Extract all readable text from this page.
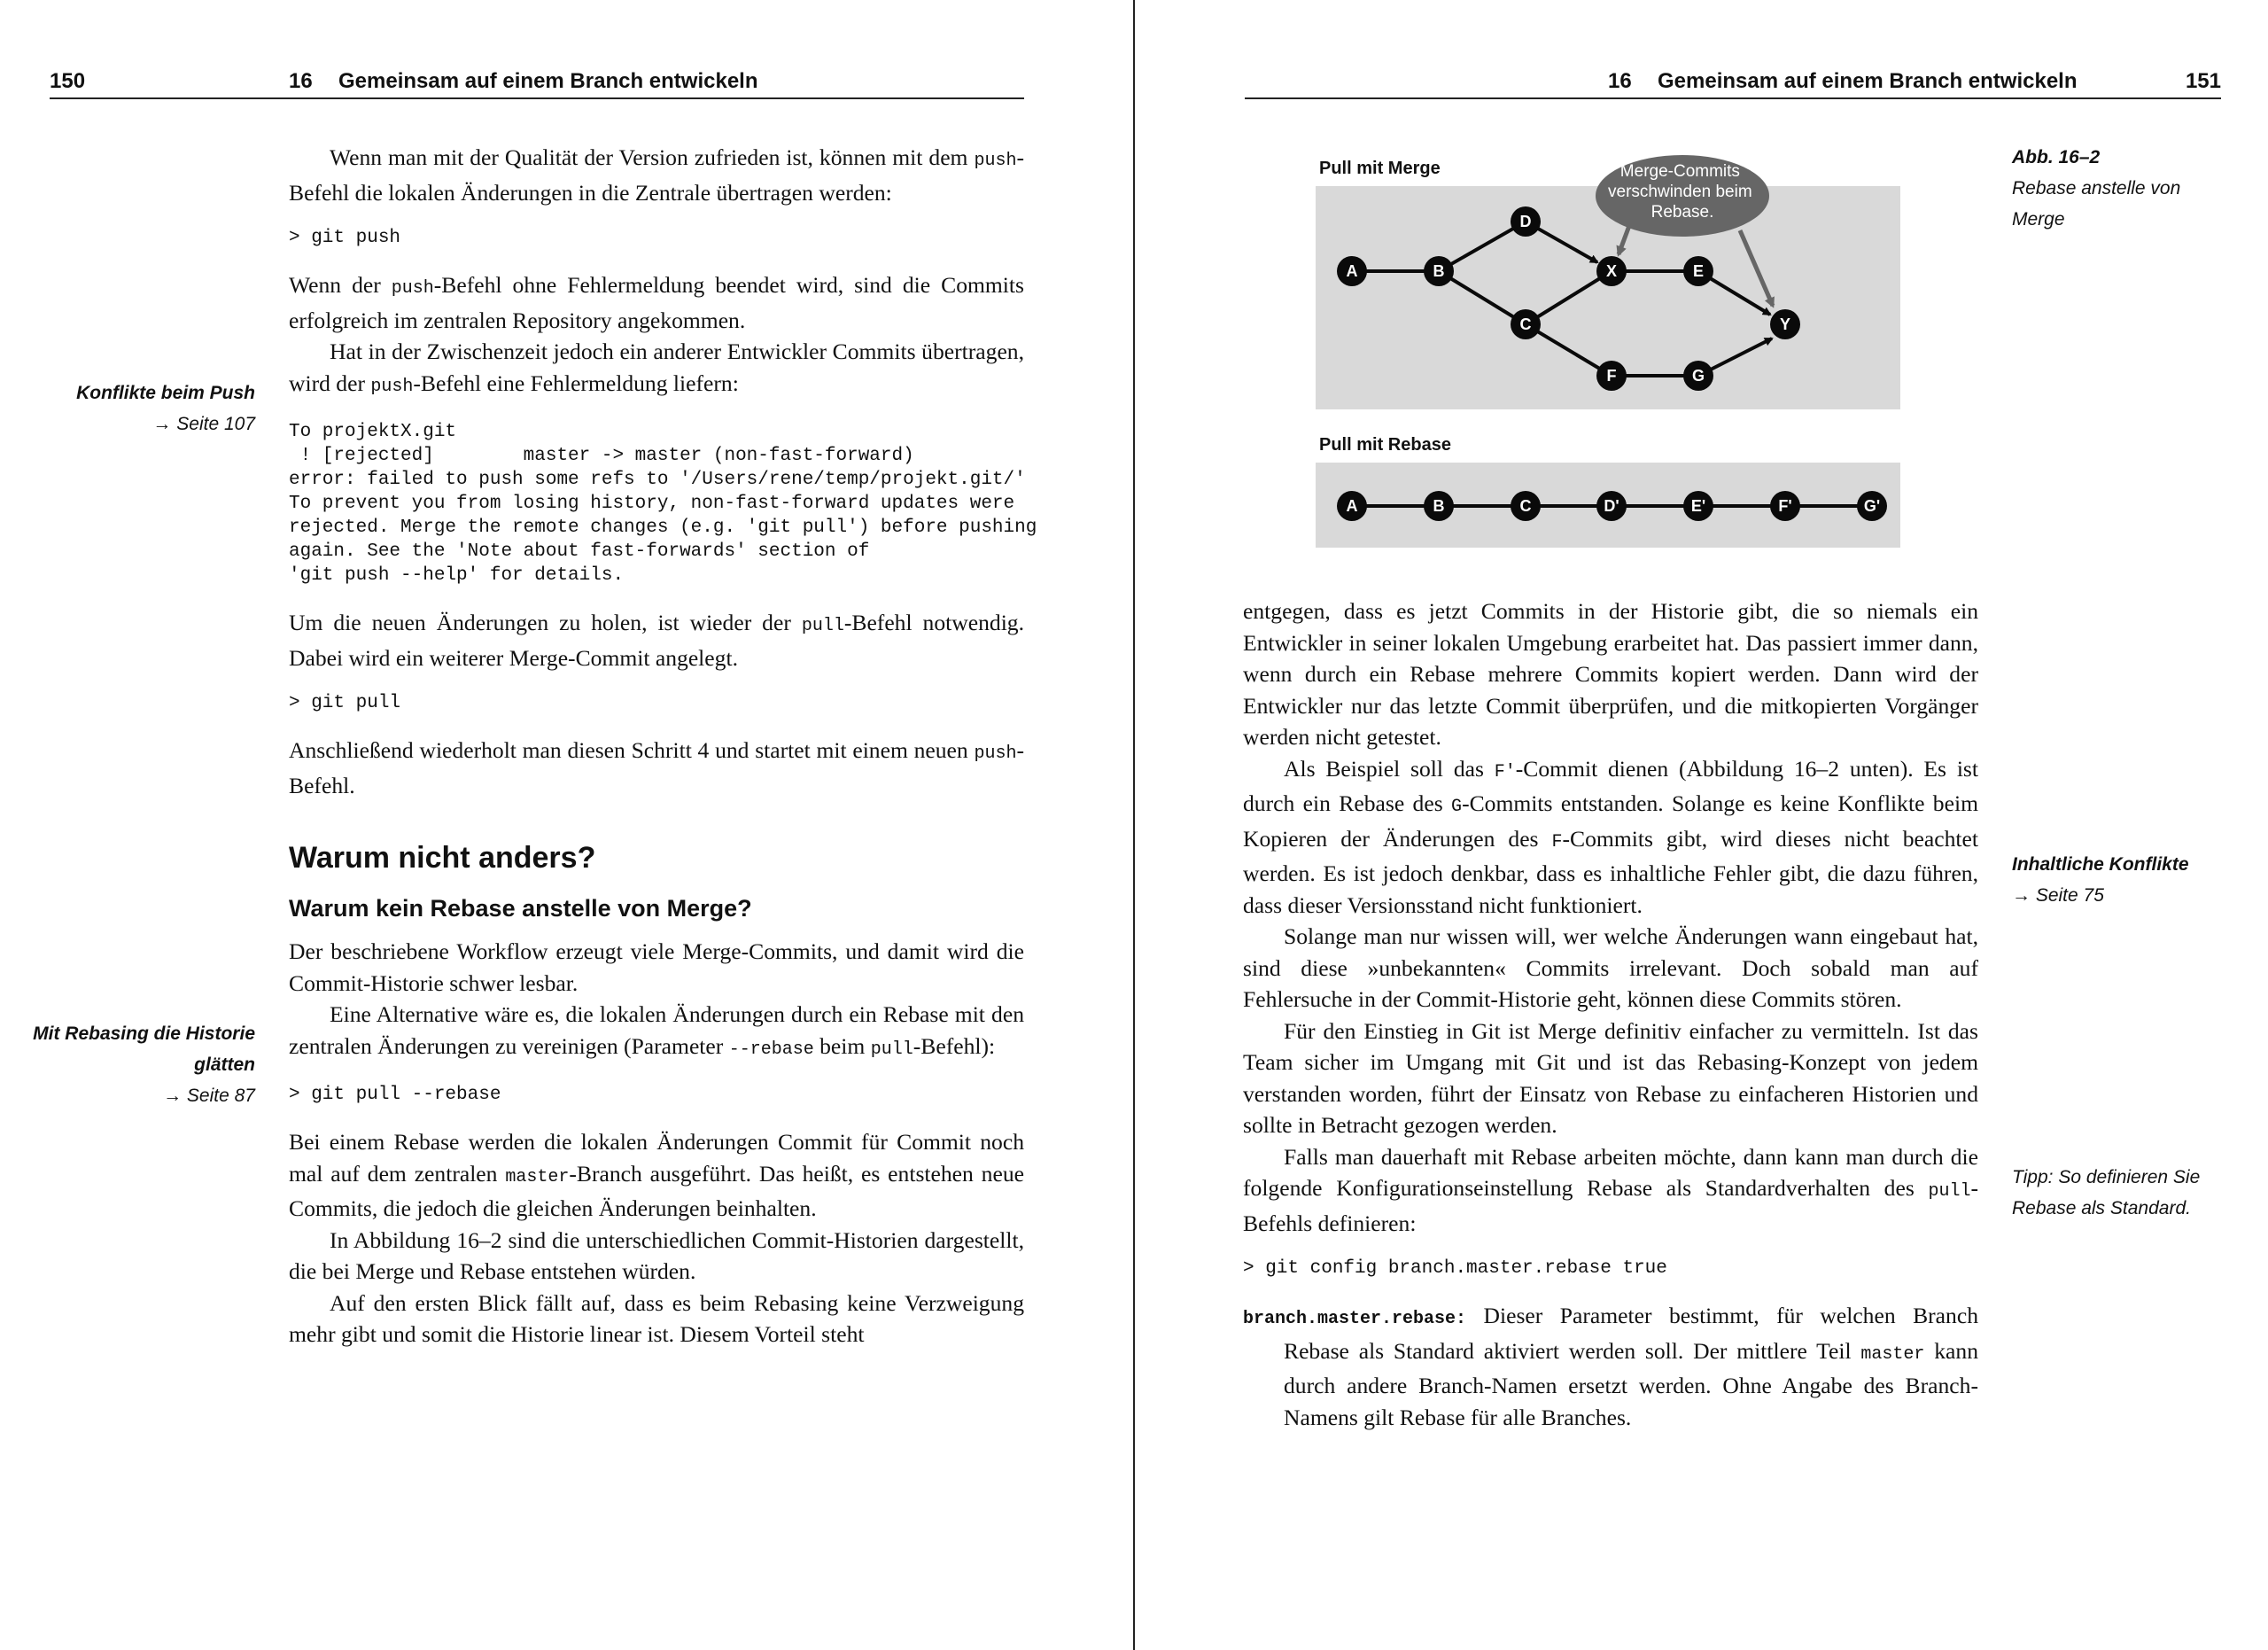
150	16 Gemeinsam auf einem Branch entwickeln
Konflikte beim Push
→ Seite 107
Mit Rebasing die Historie glätten
→ Seite 87

Wenn man mit der Qualität der Version zufrieden ist, können mit dem push-Befehl die lokalen Änderungen in die Zentrale übertragen werden:

> git push

Wenn der push-Befehl ohne Fehlermeldung beendet wird, sind die Commits erfolgreich im zentralen Repository angekommen.

Hat in der Zwischenzeit jedoch ein anderer Entwickler Commits übertragen, wird der push-Befehl eine Fehlermeldung liefern:

To projektX.git
! [rejected]        master -> master (non-fast-forward)
error: failed to push some refs to '/Users/rene/temp/projekt.git/'
To prevent you from losing history, non-fast-forward updates were
rejected. Merge the remote changes (e.g. 'git pull') before pushing
again. See the 'Note about fast-forwards' section of
'git push --help' for details.

Um die neuen Änderungen zu holen, ist wieder der pull-Befehl notwendig. Dabei wird ein weiterer Merge-Commit angelegt.

> git pull

Anschließend wiederholt man diesen Schritt 4 und startet mit einem neuen push-Befehl.

Warum nicht anders?
Warum kein Rebase anstelle von Merge?

Der beschriebene Workflow erzeugt viele Merge-Commits, und damit wird die Commit-Historie schwer lesbar.

Eine Alternative wäre es, die lokalen Änderungen durch ein Rebase mit den zentralen Änderungen zu vereinigen (Parameter --rebase beim pull-Befehl):

> git pull --rebase

Bei einem Rebase werden die lokalen Änderungen Commit für Commit noch mal auf dem zentralen master-Branch ausgeführt. Das heißt, es entstehen neue Commits, die jedoch die gleichen Änderungen beinhalten.

In Abbildung 16–2 sind die unterschiedlichen Commit-Historien dargestellt, die bei Merge und Rebase entstehen würden.

Auf den ersten Blick fällt auf, dass es beim Rebasing keine Verzweigung mehr gibt und somit die Historie linear ist. Diesem Vorteil steht

16 Gemeinsam auf einem Branch entwickeln	151
Abb. 16–2
Rebase anstelle von Merge
Inhaltliche Konflikte
→ Seite 75
Tipp: So definieren Sie Rebase als Standard.
Pull mit Merge	Merge-Commits verschwinden beim Rebase.
A	B
D
C
X	E
F	G
Y
Pull mit Rebase
A	B	C	D'	E'	F'	G'

entgegen, dass es jetzt Commits in der Historie gibt, die so niemals ein Entwickler in seiner lokalen Umgebung erarbeitet hat. Das passiert immer dann, wenn durch ein Rebase mehrere Commits kopiert werden. Dann wird der Entwickler nur das letzte Commit überprüfen, und die mitkopierten Vorgänger werden nicht getestet.

Als Beispiel soll das F'-Commit dienen (Abbildung 16–2 unten). Es ist durch ein Rebase des G-Commits entstanden. Solange es keine Konflikte beim Kopieren der Änderungen des F-Commits gibt, wird dieses nicht beachtet werden. Es ist jedoch denkbar, dass es inhaltliche Fehler gibt, die dazu führen, dass dieser Versionsstand nicht funktioniert.

Solange man nur wissen will, wer welche Änderungen wann eingebaut hat, sind diese »unbekannten« Commits irrelevant. Doch sobald man auf Fehlersuche in der Commit-Historie geht, können diese Commits stören.

Für den Einstieg in Git ist Merge definitiv einfacher zu vermitteln. Ist das Team sicher im Umgang mit Git und ist das Rebasing-Konzept von jedem verstanden worden, führt der Einsatz von Rebase zu einfacheren Historien und sollte in Betracht gezogen werden.

Falls man dauerhaft mit Rebase arbeiten möchte, dann kann man durch die folgende Konfigurationseinstellung Rebase als Standardverhalten des pull-Befehls definieren:

> git config branch.master.rebase true

branch.master.rebase: Dieser Parameter bestimmt, für welchen Branch Rebase als Standard aktiviert werden soll. Der mittlere Teil master kann durch andere Branch-Namen ersetzt werden. Ohne Angabe des Branch-Namens gilt Rebase für alle Branches.
